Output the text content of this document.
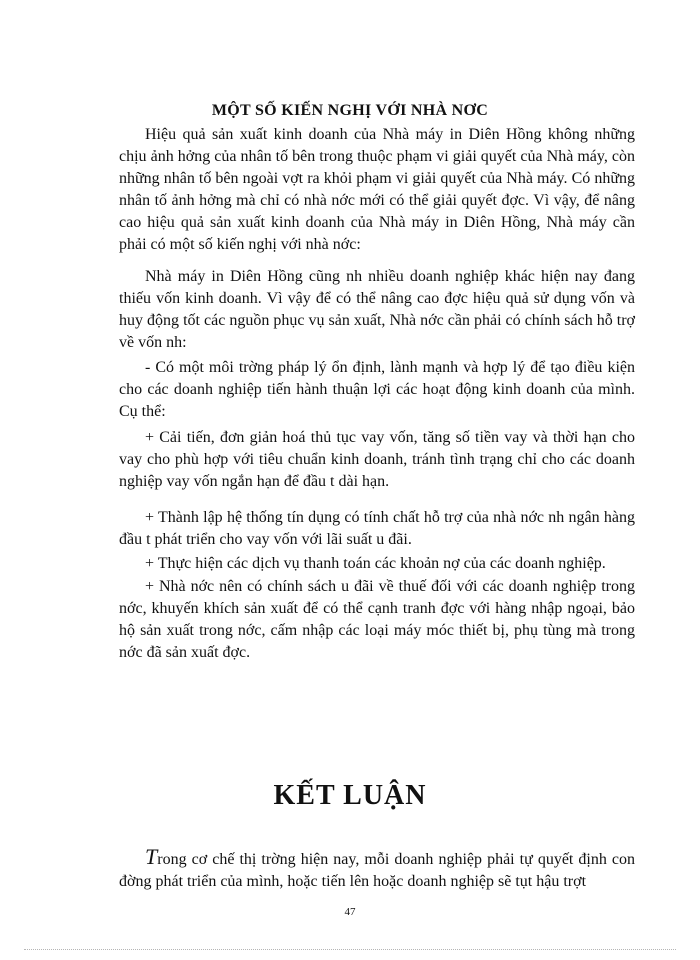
MỘT SỐ KIẾN NGHỊ VỚI NHÀ NƠC

Hiệu quả sản xuất kinh doanh của Nhà máy in Diên Hồng không những chịu ảnh hởng của nhân tố bên trong thuộc phạm vi giải quyết của Nhà máy, còn những nhân tố bên ngoài vợt ra khỏi phạm vi giải quyết của Nhà máy. Có những nhân tố ảnh hởng mà chỉ có nhà nớc mới có thể giải quyết đợc. Vì vậy, để nâng cao hiệu quả sản xuất kinh doanh của Nhà máy in Diên Hồng, Nhà máy cần phải có một số kiến nghị với nhà nớc:

Nhà máy in Diên Hồng cũng nh nhiều doanh nghiệp khác hiện nay đang thiếu vốn kinh doanh. Vì vậy để có thể nâng cao đợc hiệu quả sử dụng vốn và huy động tốt các nguồn phục vụ sản xuất, Nhà nớc cần phải có chính sách hỗ trợ về vốn nh:

- Có một môi trờng pháp lý ổn định, lành mạnh và hợp lý để tạo điều kiện cho các doanh nghiệp tiến hành thuận lợi các hoạt động kinh doanh của mình. Cụ thể:

+ Cải tiến, đơn giản hoá thủ tục vay vốn, tăng số tiền vay và thời hạn cho vay cho phù hợp với tiêu chuẩn kinh doanh, tránh tình trạng chỉ cho các doanh nghiệp vay vốn ngắn hạn để đầu t dài hạn.

+ Thành lập hệ thống tín dụng có tính chất hỗ trợ của nhà nớc nh ngân hàng đầu t phát triển cho vay vốn với lãi suất u đãi.

+ Thực hiện các dịch vụ thanh toán các khoản nợ của các doanh nghiệp.

+ Nhà nớc nên có chính sách u đãi về thuế đối với các doanh nghiệp trong nớc, khuyến khích sản xuất để có thể cạnh tranh đợc với hàng nhập ngoại, bảo hộ sản xuất trong nớc, cấm nhập các loại máy móc thiết bị, phụ tùng mà trong nớc đã sản xuất đợc.

KẾT LUẬN

Trong cơ chế thị trờng hiện nay, mỗi doanh nghiệp phải tự quyết định con đờng phát triển của mình, hoặc tiến lên hoặc doanh nghiệp sẽ tụt hậu trợt

47
